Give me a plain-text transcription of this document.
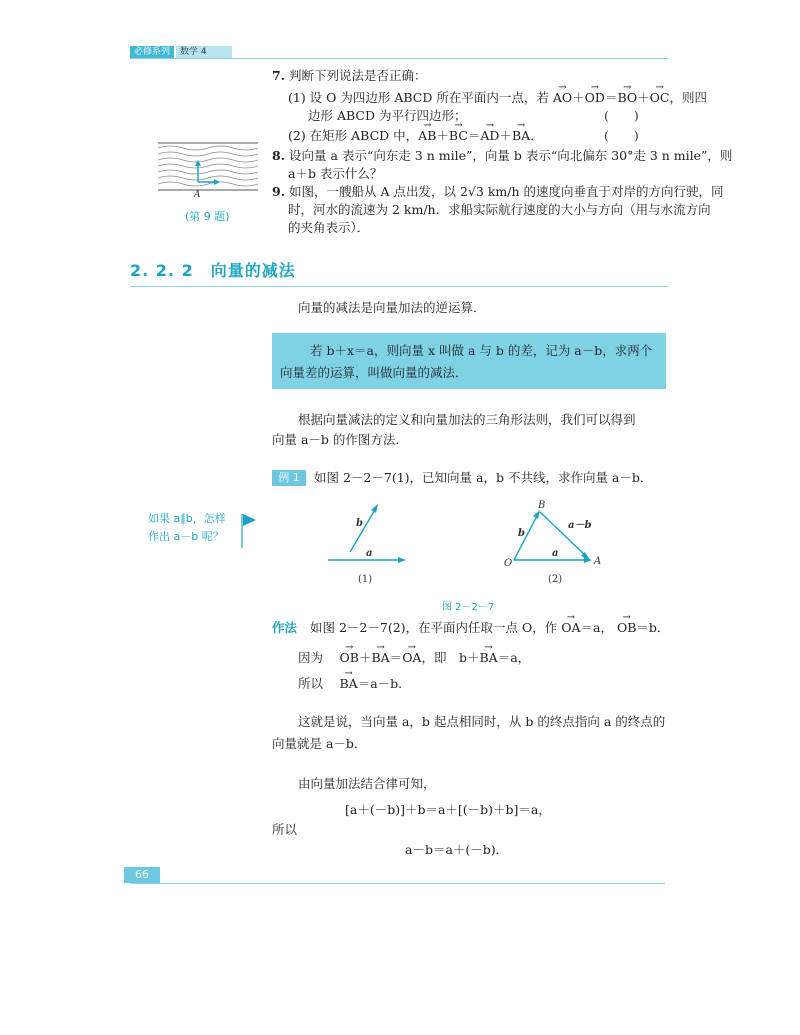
必修系列	数学 4
7. 判断下列说法是否正确：
(1) 设 O 为四边形 ABCD 所在平面内一点，若 → AO＋→ OD＝→ BO＋→ OC，则四
边形 ABCD 为平行四边形；	(　　)
(2) 在矩形 ABCD 中，→ AB＋→ BC＝→ AD＋→ BA．	(　　)
8. 设向量 a 表示“向东走 3 n mile”，向量 b 表示“向北偏东 30°走 3 n mile”，则
a＋b 表示什么？
9. 如图，一艘船从 A 点出发，以 2√3 km/h 的速度向垂直于对岸的方向行驶，同
时，河水的流速为 2 km/h．求船实际航行速度的大小与方向（用与水流方向
的夹角表示）．
A
(第 9 题)
2. 2. 2　 向量的减法
向量的减法是向量加法的逆运算．
若 b＋x＝a，则向量 x 叫做 a 与 b 的差，记为 a－b，求两个
向量差的运算，叫做向量的减法．
根据向量减法的定义和向量加法的三角形法则，我们可以得到
向量 a－b 的作图方法．
例 1	如图 2－2－7(1)，已知向量 a，b 不共线，求作向量 a－b．
如果 a∥b，怎样
作出 a－b 呢？
b
a
(1)
B
a－b
b
a
O	A
(2)
图 2－2－7
作法 如图 2－2－7(2)，在平面内任取一点 O，作 → OA＝a， → OB＝b．
因为　 → OB＋→ BA＝→ OA，即　b＋→ BA＝a，
所以　 → BA＝a－b．
这就是说，当向量 a，b 起点相同时，从 b 的终点指向 a 的终点的
向量就是 a－b．
由向量加法结合律可知，
[a＋(－b)]＋b＝a＋[(－b)＋b]＝a，
所以
a－b＝a＋(－b)．
66
